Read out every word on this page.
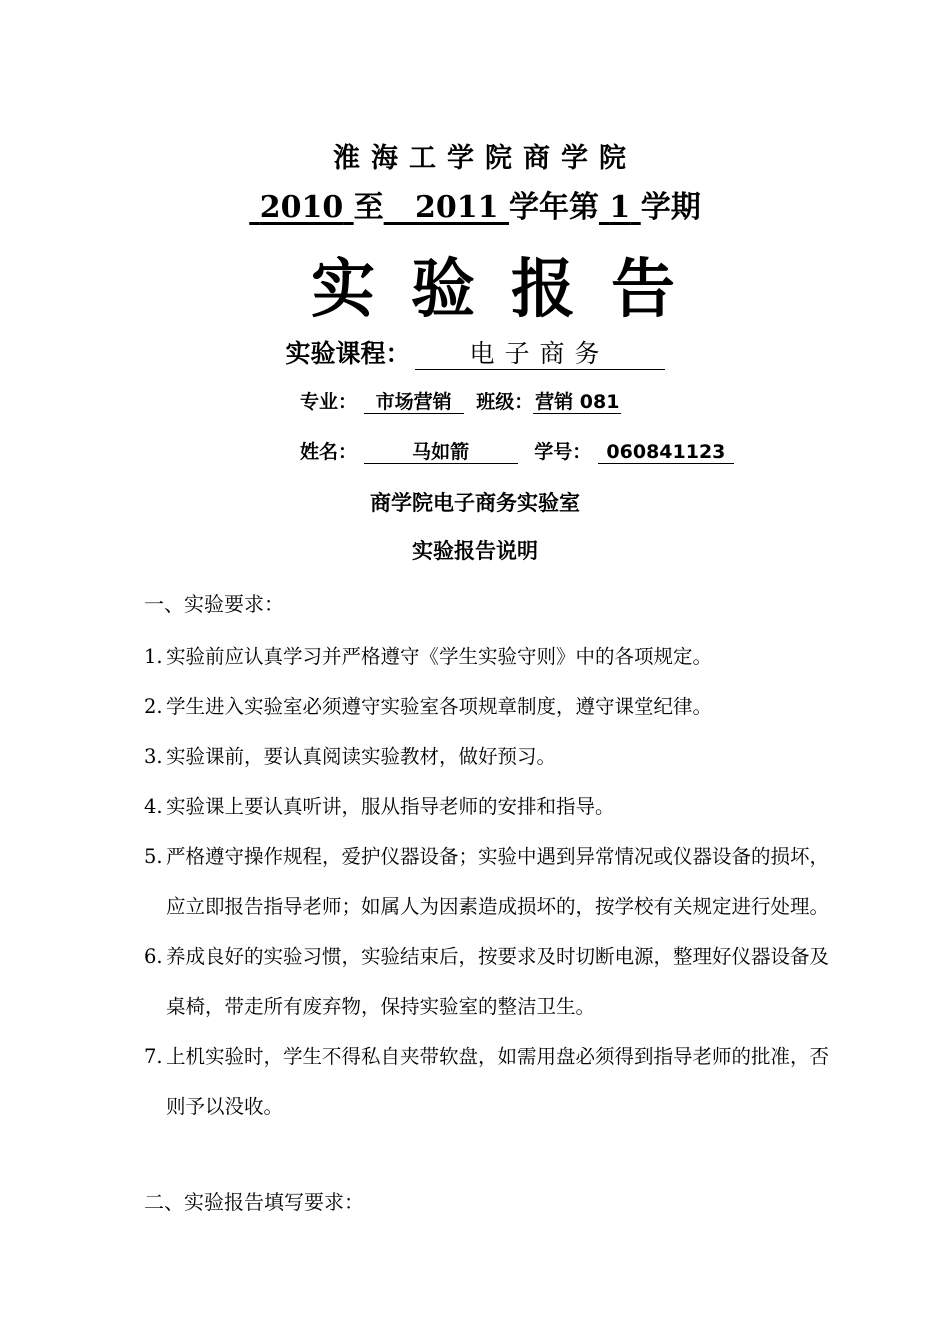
淮海工学院商学院
2010 至 2011 学年第 1 学期
实验报告
实验课程： 电子商务
专业： 市场营销 班级：营销 081
姓名：	马如箭	学号： 060841123
商学院电子商务实验室
实验报告说明
一、实验要求：
1. 实验前应认真学习并严格遵守《学生实验守则》中的各项规定。
2. 学生进入实验室必须遵守实验室各项规章制度，遵守课堂纪律。
3. 实验课前，要认真阅读实验教材，做好预习。
4. 实验课上要认真听讲，服从指导老师的安排和指导。
5. 严格遵守操作规程，爱护仪器设备；实验中遇到异常情况或仪器设备的损坏，应立即报告指导老师；如属人为因素造成损坏的，按学校有关规定进行处理。
6. 养成良好的实验习惯，实验结束后，按要求及时切断电源，整理好仪器设备及桌椅，带走所有废弃物，保持实验室的整洁卫生。
7. 上机实验时，学生不得私自夹带软盘，如需用盘必须得到指导老师的批准，否则予以没收。
二、实验报告填写要求：
